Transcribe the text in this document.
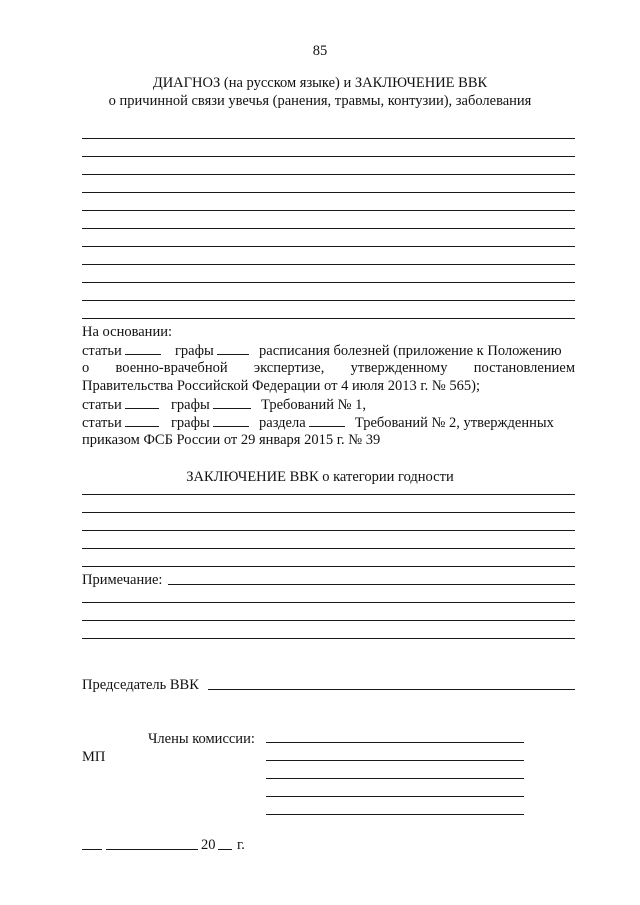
85
ДИАГНОЗ (на русском языке) и ЗАКЛЮЧЕНИЕ ВВК
о причинной связи увечья (ранения, травмы, контузии), заболевания
На основании:
статьи	графы	расписания болезней (приложение к Положению
о военно-врачебной экспертизе, утвержденному постановлением
Правительства Российской Федерации от 4 июля 2013 г. № 565);
статьи	графы	Требований № 1,
статьи	графы	раздела	Требований № 2, утвержденных
приказом ФСБ России от 29 января 2015 г. № 39
ЗАКЛЮЧЕНИЕ ВВК о категории годности
Примечание:
Председатель ВВК
Члены комиссии:
МП
20 г.
